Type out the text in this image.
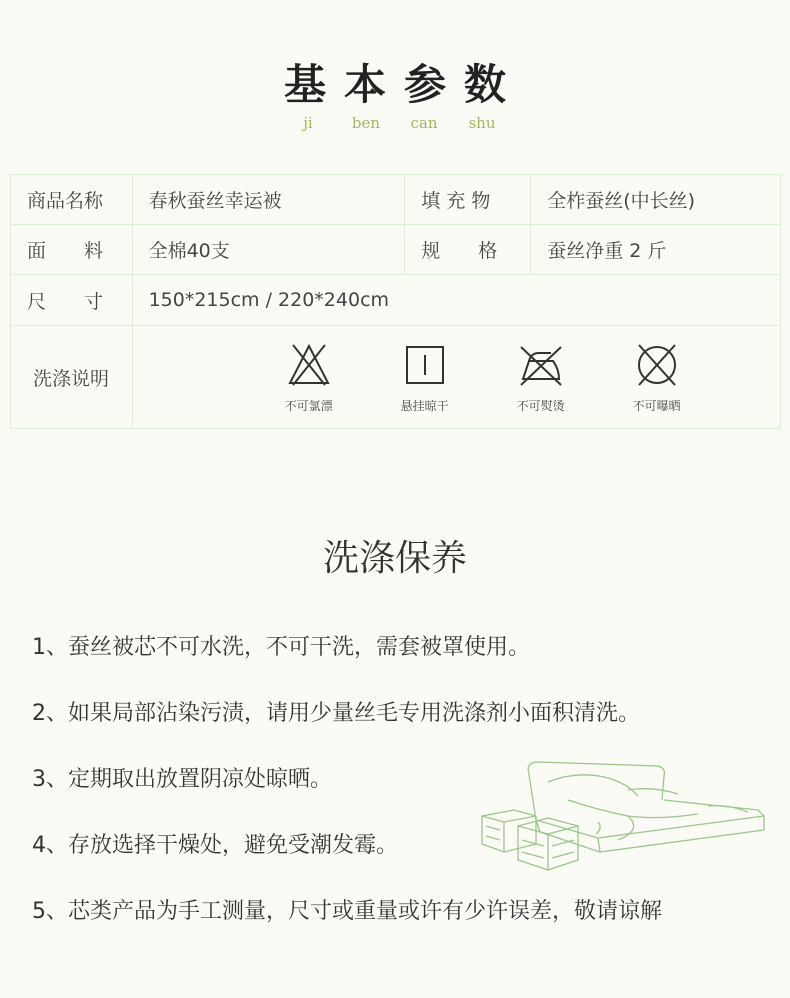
基本参数
ji	ben	can	shu
商品名称	春秋蚕丝幸运被	填 充 物	全柞蚕丝(中长丝)
面　　料	全棉40支	规　　格	蚕丝净重 2 斤
尺　　寸	150*215cm / 220*240cm		
洗涤说明	不可氯漂 悬挂晾干 不可熨烫 不可曝晒		
洗涤保养
1、蚕丝被芯不可水洗，不可干洗，需套被罩使用。
2、如果局部沾染污渍，请用少量丝毛专用洗涤剂小面积清洗。
3、定期取出放置阴凉处晾晒。
4、存放选择干燥处，避免受潮发霉。
5、芯类产品为手工测量，尺寸或重量或许有少许误差，敬请谅解
